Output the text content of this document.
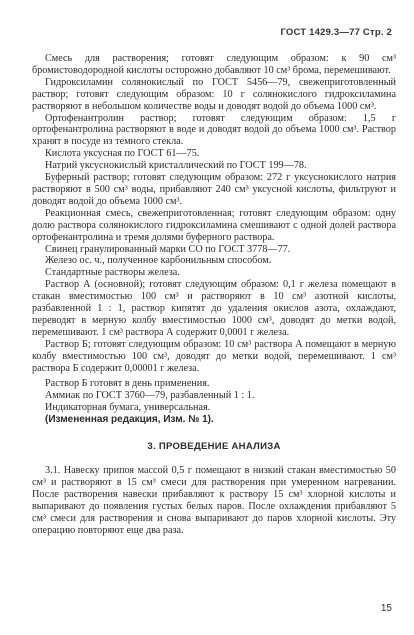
ГОСТ 1429.3—77 Стр. 2

Смесь для растворения; готовят следующим образом: к 90 см³ бромистоводородной кислоты осторожно добавляют 10 см³ брома, перемешивают.

Гидроксиламин солянокислый по ГОСТ 5456—79, свежеприготовленный раствор; готовят следующим образом: 10 г солянокислого гидроксиламина растворяют в небольшом количестве воды и доводят водой до объема 1000 см³.

Ортофенантролин раствор; готовят следующим образом: 1,5 г ортофенантролина растворяют в воде и доводят водой до объема 1000 см³. Раствор хранят в посуде из темного стекла.

Кислота уксусная по ГОСТ 61—75.

Натрий уксуснокислый кристаллический по ГОСТ 199—78.

Буферный раствор; готовят следующим образом: 272 г уксуснокислого натрия растворяют в 500 см³ воды, прибавляют 240 см³ уксусной кислоты, фильтруют и доводят водой до объема 1000 см³.

Реакционная смесь, свежеприготовленная; готовят следующим образом: одну долю раствора солянокислого гидроксиламина смешивают с одной долей раствора ортофенантролина и тремя долями буферного раствора.

Свинец гранулированный марки СО по ГОСТ 3778—77.

Железо ос. ч., полученное карбонильным способом.

Стандартные растворы железа.

Раствор А (основной); готовят следующим образом: 0,1 г железа помещают в стакан вместимостью 100 см³ и растворяют в 10 см³ азотной кислоты, разбавленной 1 : 1, раствор кипятят до удаления окислов азота, охлаждают, переводят в мерную колбу вместимостью 1000 см³, доводят до метки водой, перемешивают. 1 см³ раствора А содержит 0,0001 г железа.

Раствор Б; готовят следующим образом: 10 см³ раствора А помещают в мерную колбу вместимостью 100 см³, доводят до метки водой, перемешивают. 1 см³ раствора Б содержит 0,00001 г железа.

Раствор Б готовят в день применения.

Аммиак по ГОСТ 3760—79, разбавленный 1 : 1.

Индикаторная бумага, универсальная.

(Измененная редакция, Изм. № 1).

3. ПРОВЕДЕНИЕ АНАЛИЗА

3.1. Навеску припоя массой 0,5 г помещают в низкий стакан вместимостью 50 см³ и растворяют в 15 см³ смеси для растворения при умеренном нагревании. После растворения навески прибавляют к раствору 15 см³ хлорной кислоты и выпаривают до появления густых белых паров. После охлаждения прибавляют 5 см³ смеси для растворения и снова выпаривают до паров хлорной кислоты. Эту операцию повторяют еще два раза.

15
